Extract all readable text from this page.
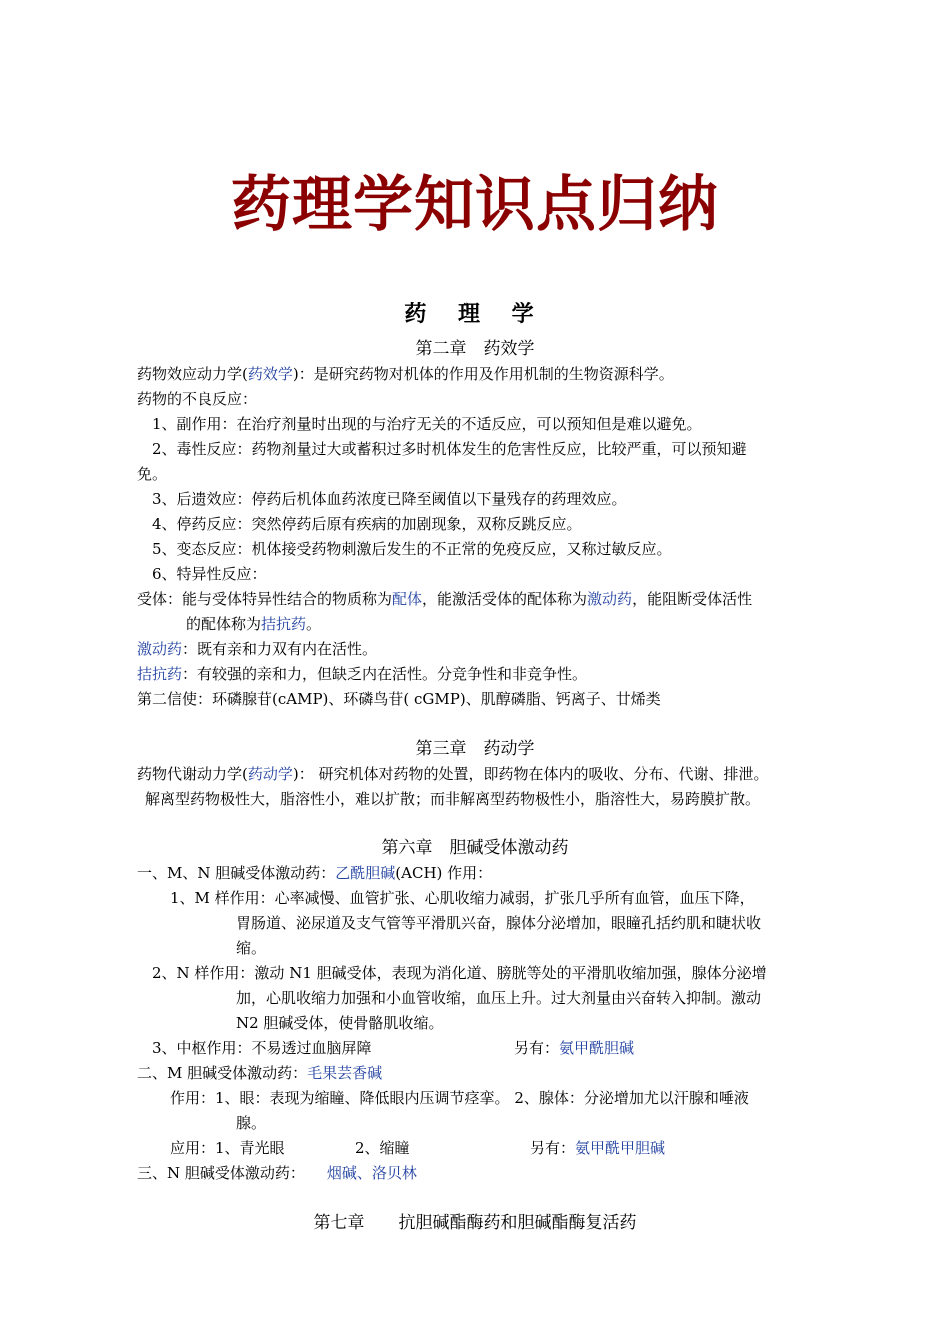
药理学知识点归纳
药 理 学
第二章　药效学
药物效应动力学(药效学)：是研究药物对机体的作用及作用机制的生物资源科学。
药物的不良反应：
1、副作用：在治疗剂量时出现的与治疗无关的不适反应，可以预知但是难以避免。
2、毒性反应：药物剂量过大或蓄积过多时机体发生的危害性反应，比较严重，可以预知避
免。
3、后遗效应：停药后机体血药浓度已降至阈值以下量残存的药理效应。
4、停药反应：突然停药后原有疾病的加剧现象，双称反跳反应。
5、变态反应：机体接受药物刺激后发生的不正常的免疫反应，又称过敏反应。
6、特异性反应：
受体：能与受体特异性结合的物质称为配体，能激活受体的配体称为激动药，能阻断受体活性
的配体称为拮抗药。
激动药：既有亲和力双有内在活性。
拮抗药：有较强的亲和力，但缺乏内在活性。分竞争性和非竞争性。
第二信使：环磷腺苷(cAMP)、环磷鸟苷( cGMP)、肌醇磷脂、钙离子、廿烯类
第三章　药动学
药物代谢动力学(药动学)： 研究机体对药物的处置，即药物在体内的吸收、分布、代谢、排泄。
解离型药物极性大，脂溶性小，难以扩散；而非解离型药物极性小，脂溶性大，易跨膜扩散。
第六章　胆碱受体激动药
一、M、N 胆碱受体激动药：乙酰胆碱(ACH) 作用：
1、M 样作用：心率减慢、血管扩张、心肌收缩力减弱，扩张几乎所有血管，血压下降，
胃肠道、泌尿道及支气管等平滑肌兴奋，腺体分泌增加，眼瞳孔括约肌和睫状收
缩。
2、N 样作用：激动 N1 胆碱受体，表现为消化道、膀胱等处的平滑肌收缩加强，腺体分泌增
加，心肌收缩力加强和小血管收缩，血压上升。过大剂量由兴奋转入抑制。激动
N2 胆碱受体，使骨骼肌收缩。
3、中枢作用：不易透过血脑屏障	另有：氨甲酰胆碱
二、M 胆碱受体激动药：毛果芸香碱
作用：1、眼：表现为缩瞳、降低眼内压调节痉挛。 2、腺体：分泌增加尤以汗腺和唾液
腺。
应用：1、青光眼	2、缩瞳	另有：氨甲酰甲胆碱
三、N 胆碱受体激动药： 烟碱、洛贝林
第七章　　抗胆碱酯酶药和胆碱酯酶复活药
